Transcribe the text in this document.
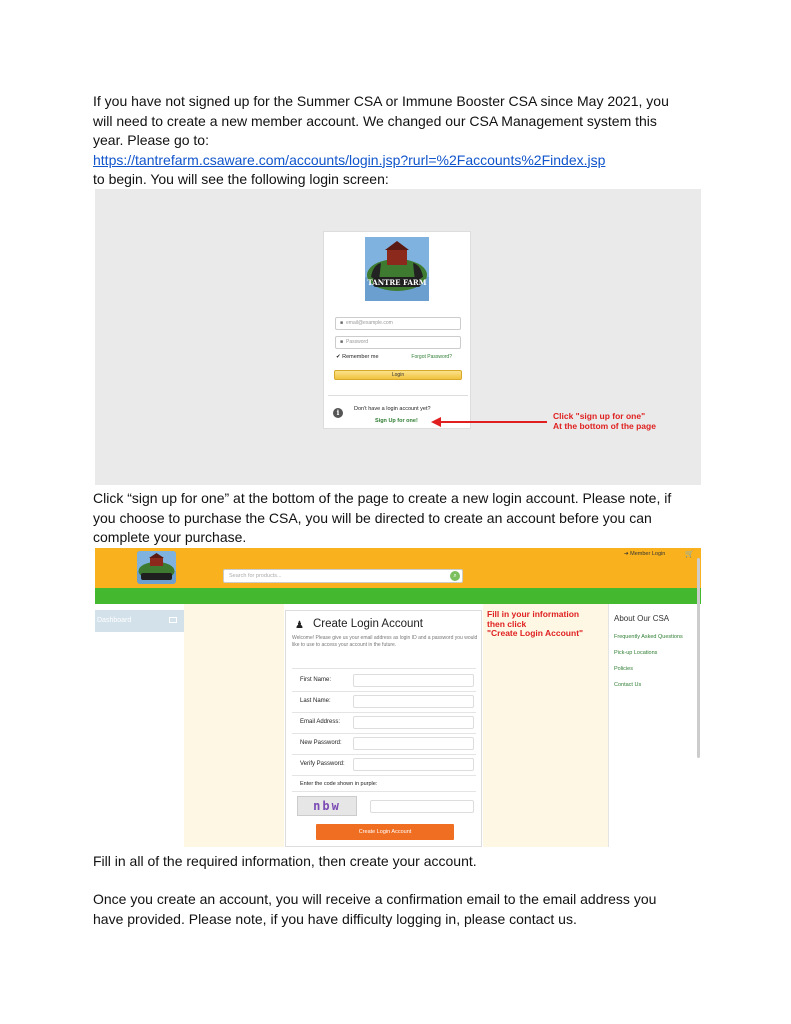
If you have not signed up for the Summer CSA or Immune Booster CSA since May 2021, you
will need to create a new member account. We changed our CSA Management system this
year. Please go to:
https://tantrefarm.csaware.com/accounts/login.jsp?rurl=%2Faccounts%2Findex.jsp
to begin. You will see the following login screen:
TANTRE FARM
■ email@example.com
■ Password
✔ Remember me	Forgot Password?
Login
i	Don't have a login account yet?
Sign Up for one!	Click "sign up for one"
At the bottom of the page
Click “sign up for one” at the bottom of the page to create a new login account. Please note, if
you choose to purchase the CSA, you will be directed to create an account before you can
complete your purchase.
Search for products...	⌕
➔ Member Login	🛒
Dashboard	♟ Create Login Account
Welcome! Please give us your email address as login ID and a password you would like to use to access your account in the future.
First Name:
Last Name:
Email Address:
New Password:
Verify Password:
Enter the code shown in purple:
nbw
Create Login Account
Fill in your information
then click
"Create Login Account"
About Our CSA
Frequently Asked Questions
Pick-up Locations
Policies
Contact Us
Fill in all of the required information, then create your account.
Once you create an account, you will receive a confirmation email to the email address you
have provided. Please note, if you have difficulty logging in, please contact us.
